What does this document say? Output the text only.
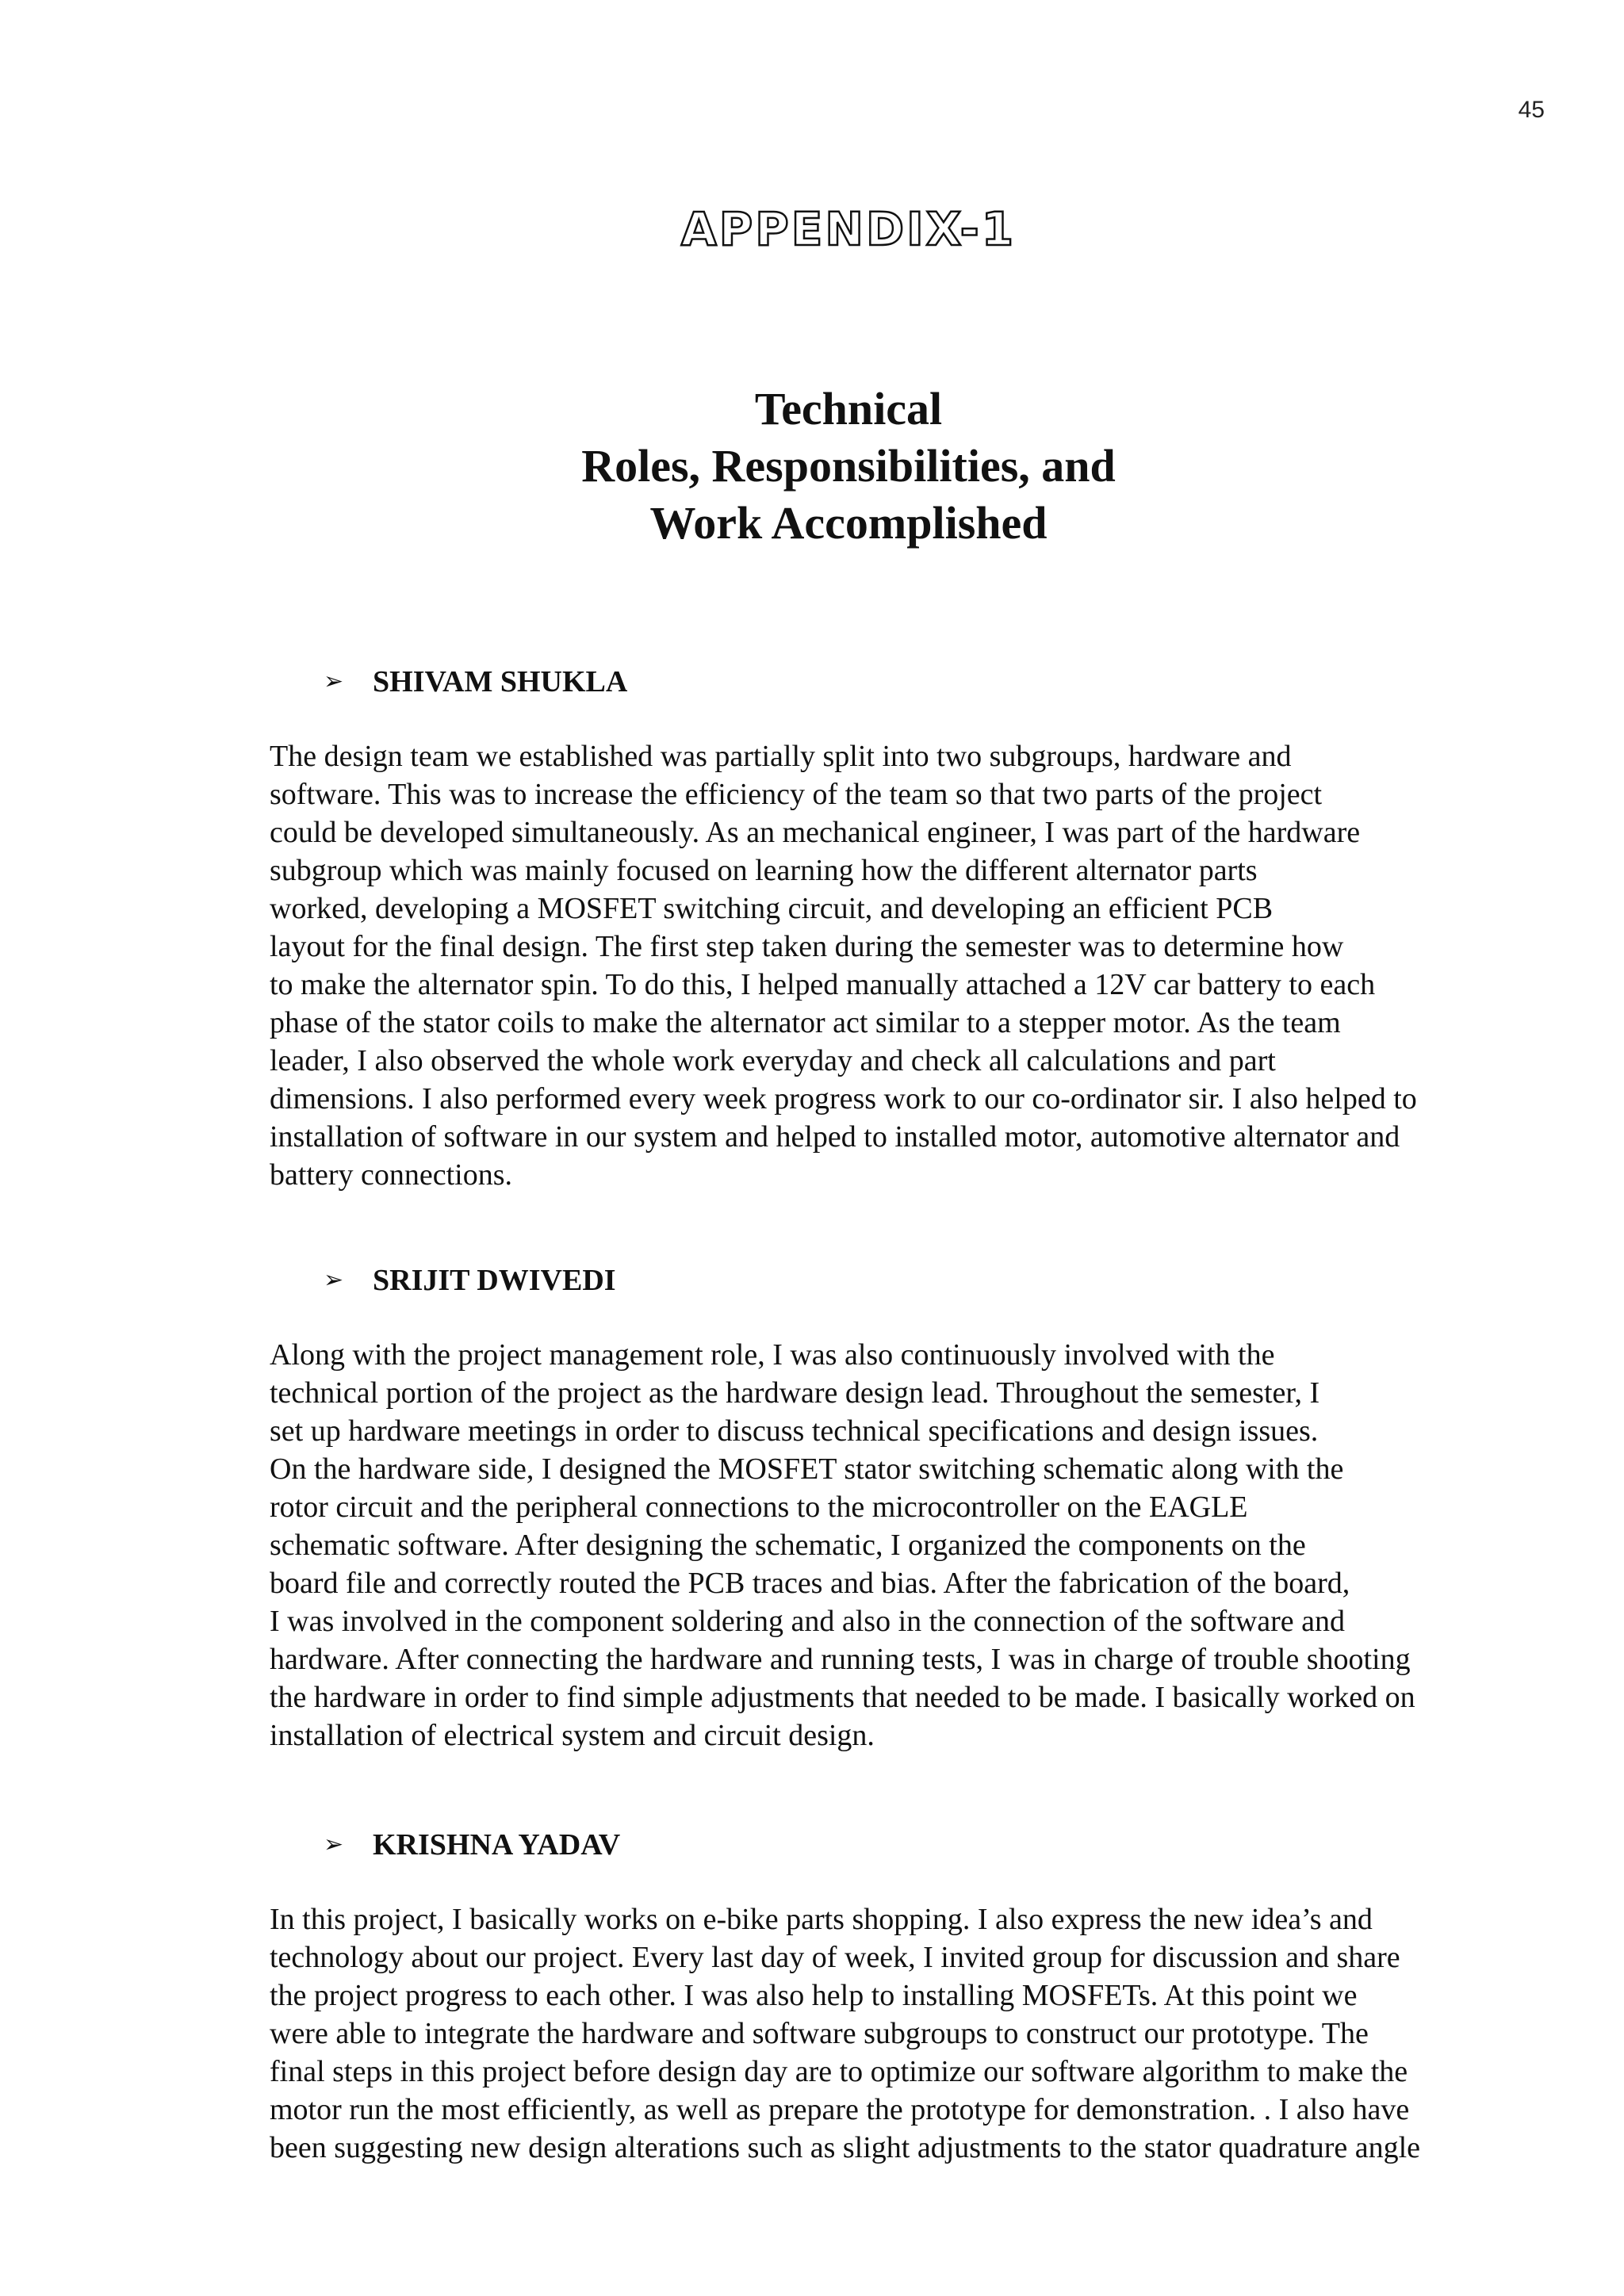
45
APPENDIX-1
Technical
Roles, Responsibilities, and
Work Accomplished
➢ SHIVAM SHUKLA
The design team we established was partially split into two subgroups, hardware and
software. This was to increase the efficiency of the team so that two parts of the project
could be developed simultaneously. As an mechanical engineer, I was part of the hardware
subgroup which was mainly focused on learning how the different alternator parts
worked, developing a MOSFET switching circuit, and developing an efficient PCB
layout for the final design. The first step taken during the semester was to determine how
to make the alternator spin. To do this, I helped manually attached a 12V car battery to each
phase of the stator coils to make the alternator act similar to a stepper motor. As the team
leader, I also observed the whole work everyday and check all calculations and part
dimensions. I also performed every week progress work to our co-ordinator sir. I also helped to
installation of software in our system and helped to installed motor, automotive alternator and
battery connections.
➢ SRIJIT DWIVEDI
Along with the project management role, I was also continuously involved with the
technical portion of the project as the hardware design lead. Throughout the semester, I
set up hardware meetings in order to discuss technical specifications and design issues.
On the hardware side, I designed the MOSFET stator switching schematic along with the
rotor circuit and the peripheral connections to the microcontroller on the EAGLE
schematic software. After designing the schematic, I organized the components on the
board file and correctly routed the PCB traces and bias. After the fabrication of the board,
I was involved in the component soldering and also in the connection of the software and
hardware. After connecting the hardware and running tests, I was in charge of trouble shooting
the hardware in order to find simple adjustments that needed to be made. I basically worked on
installation of electrical system and circuit design.
➢ KRISHNA YADAV
In this project, I basically works on e-bike parts shopping. I also express the new idea’s and
technology about our project. Every last day of week, I invited group for discussion and share
the project progress to each other. I was also help to installing MOSFETs. At this point we
were able to integrate the hardware and software subgroups to construct our prototype. The
final steps in this project before design day are to optimize our software algorithm to make the
motor run the most efficiently, as well as prepare the prototype for demonstration. . I also have
been suggesting new design alterations such as slight adjustments to the stator quadrature angle
